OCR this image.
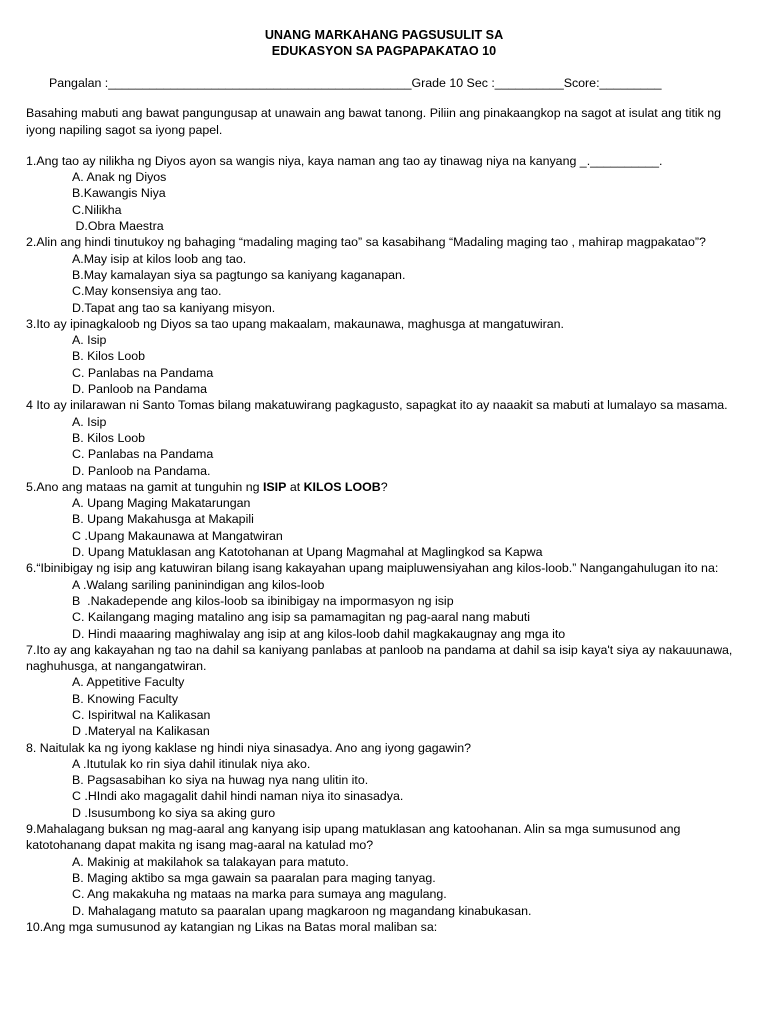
UNANG MARKAHANG PAGSUSULIT SA
EDUKASYON SA PAGPAPAKATAO 10
Pangalan :____________________________________________Grade 10 Sec :__________Score:_________
Basahing mabuti ang bawat pangungusap at unawain ang bawat tanong. Piliin ang pinakaangkop na sagot at isulat ang titik ng iyong napiling sagot sa iyong papel.

1.Ang tao ay nilikha ng Diyos ayon sa wangis niya, kaya naman ang tao ay tinawag niya na kanyang _.__________.

A. Anak ng Diyos
B.Kawangis Niya
C.Nilikha
D.Obra Maestra

2.Alin ang hindi tinutukoy ng bahaging “madaling maging tao” sa kasabihang “Madaling maging tao , mahirap magpakatao”?

A.May isip at kilos loob ang tao.
B.May kamalayan siya sa pagtungo sa kaniyang kaganapan.
C.May konsensiya ang tao.
D.Tapat ang tao sa kaniyang misyon.

3.Ito ay ipinagkaloob ng Diyos sa tao upang makaalam, makaunawa, maghusga at mangatuwiran.

A. Isip
B. Kilos Loob
C. Panlabas na Pandama
D. Panloob na Pandama

4 Ito ay inilarawan ni Santo Tomas bilang makatuwirang pagkagusto, sapagkat ito ay naaakit sa mabuti at lumalayo sa masama.

A. Isip
B. Kilos Loob
C. Panlabas na Pandama
D. Panloob na Pandama.

5.Ano ang mataas na gamit at tunguhin ng ISIP at KILOS LOOB?

A. Upang Maging Makatarungan
B. Upang Makahusga at Makapili
C .Upang Makaunawa at Mangatwiran
D. Upang Matuklasan ang Katotohanan at Upang Magmahal at Maglingkod sa Kapwa

6.“Ibinibigay ng isip ang katuwiran bilang isang kakayahan upang maipluwensiyahan ang kilos-loob.” Nangangahulugan ito na:

A .Walang sariling paninindigan ang kilos-loob
B  .Nakadepende ang kilos-loob sa ibinibigay na impormasyon ng isip
C. Kailangang maging matalino ang isip sa pamamagitan ng pag-aaral nang mabuti
D. Hindi maaaring maghiwalay ang isip at ang kilos-loob dahil magkakaugnay ang mga ito

7.Ito ay ang kakayahan ng tao na dahil sa kaniyang panlabas at panloob na pandama at dahil sa isip kaya't siya ay nakauunawa, naghuhusga, at nangangatwiran.

A. Appetitive Faculty
B. Knowing Faculty
C. Ispiritwal na Kalikasan
D .Materyal na Kalikasan

8. Naitulak ka ng iyong kaklase ng hindi niya sinasadya. Ano ang iyong gagawin?

A .Itutulak ko rin siya dahil itinulak niya ako.
B. Pagsasabihan ko siya na huwag nya nang ulitin ito.
C .HIndi ako magagalit dahil hindi naman niya ito sinasadya.
D .Isusumbong ko siya sa aking guro

9.Mahalagang buksan ng mag-aaral ang kanyang isip upang matuklasan ang katoohanan. Alin sa mga sumusunod ang katotohanang dapat makita ng isang mag-aaral na katulad mo?

A. Makinig at makilahok sa talakayan para matuto.
B. Maging aktibo sa mga gawain sa paaralan para maging tanyag.
C. Ang makakuha ng mataas na marka para sumaya ang magulang.
D. Mahalagang matuto sa paaralan upang magkaroon ng magandang kinabukasan.

10.Ang mga sumusunod ay katangian ng Likas na Batas moral maliban sa:
